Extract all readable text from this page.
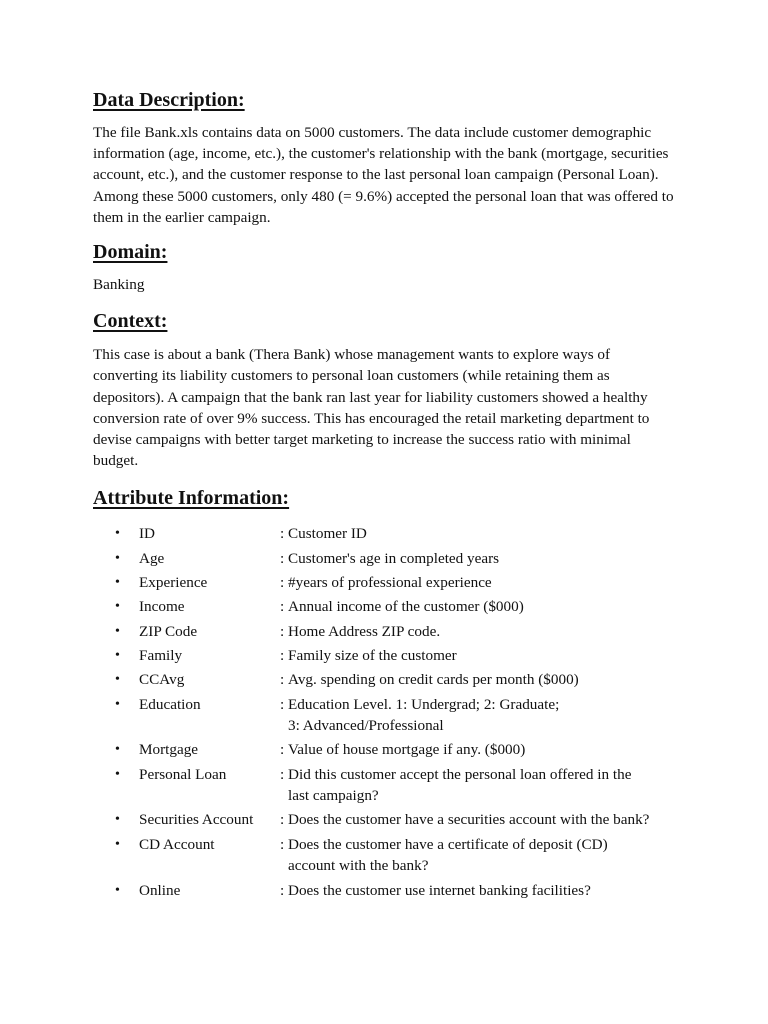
Data Description:

The file Bank.xls contains data on 5000 customers. The data include customer demographic information (age, income, etc.), the customer's relationship with the bank (mortgage, securities account, etc.), and the customer response to the last personal loan campaign (Personal Loan). Among these 5000 customers, only 480 (= 9.6%) accepted the personal loan that was offered to them in the earlier campaign.

Domain:

Banking

Context:

This case is about a bank (Thera Bank) whose management wants to explore ways of converting its liability customers to personal loan customers (while retaining them as depositors). A campaign that the bank ran last year for liability customers showed a healthy conversion rate of over 9% success. This has encouraged the retail marketing department to devise campaigns with better target marketing to increase the success ratio with minimal budget.

Attribute Information:
•	ID	: Customer ID
•	Age	: Customer's age in completed years
•	Experience	: #years of professional experience
•	Income	: Annual income of the customer ($000)
•	ZIP Code	: Home Address ZIP code.
•	Family	: Family size of the customer
•	CCAvg	: Avg. spending on credit cards per month ($000)
•	Education	: Education Level. 1: Undergrad; 2: Graduate;
3: Advanced/Professional
•	Mortgage	: Value of house mortgage if any. ($000)
•	Personal Loan	: Did this customer accept the personal loan offered in the
last campaign?
•	Securities Account	: Does the customer have a securities account with the bank?
•	CD Account	: Does the customer have a certificate of deposit (CD)
account with the bank?
•	Online	: Does the customer use internet banking facilities?
